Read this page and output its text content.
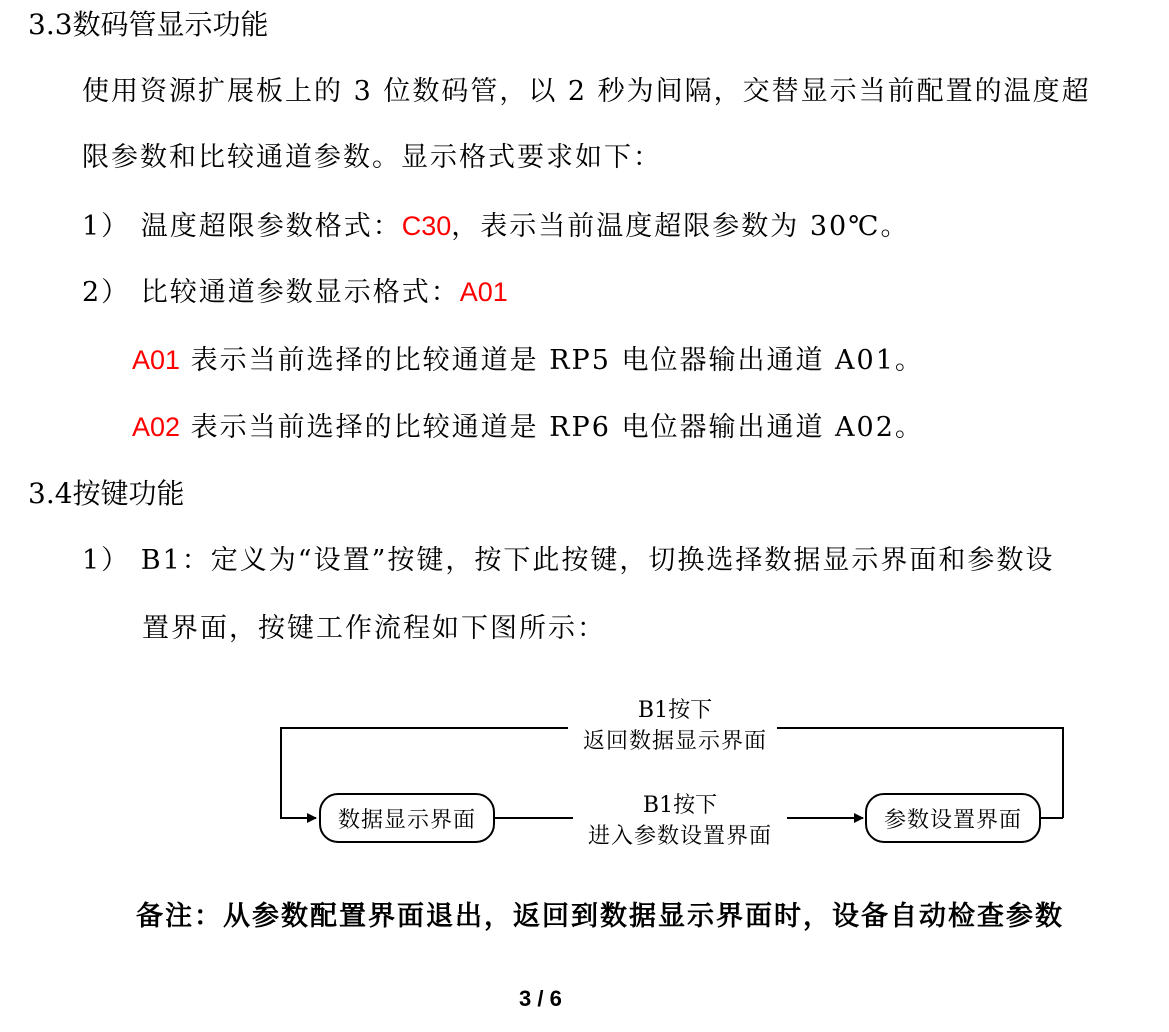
3.3数码管显示功能
使用资源扩展板上的 3 位数码管，以 2 秒为间隔，交替显示当前配置的温度超
限参数和比较通道参数。显示格式要求如下：
1） 温度超限参数格式：C30，表示当前温度超限参数为 30℃。
2） 比较通道参数显示格式：A01
A01 表示当前选择的比较通道是 RP5 电位器输出通道 A01。
A02 表示当前选择的比较通道是 RP6 电位器输出通道 A02。
3.4按键功能
1） B1：定义为“设置”按键，按下此按键，切换选择数据显示界面和参数设
置界面，按键工作流程如下图所示：
数据显示界面	参数设置界面
B1按下
返回数据显示界面
B1按下
进入参数设置界面
备注：从参数配置界面退出，返回到数据显示界面时，设备自动检查参数
3 / 6
